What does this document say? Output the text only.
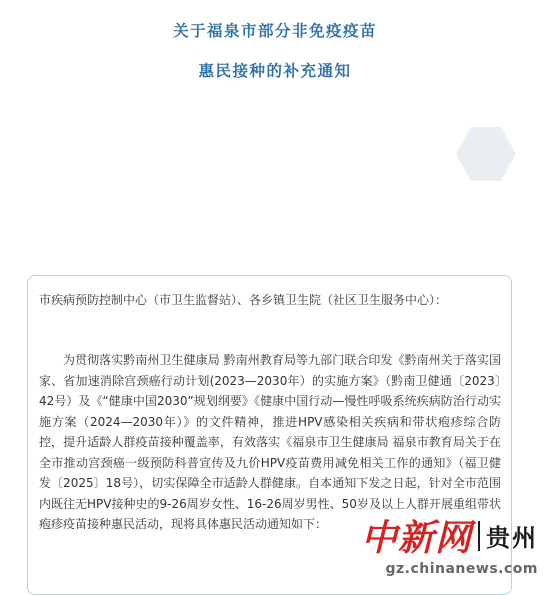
关于福泉市部分非免疫疫苗
惠民接种的补充通知
市疾病预防控制中心（市卫生监督站）、各乡镇卫生院（社区卫生服务中心）：
为贯彻落实黔南州卫生健康局 黔南州教育局等九部门联合印发《黔南州关于落实国家、省加速消除宫颈癌行动计划(2023—2030年）的实施方案》（黔南卫健通〔2023〕42号）及《“健康中国2030”规划纲要》《健康中国行动—慢性呼吸系统疾病防治行动实施方案（2024—2030年）》的文件精神，推进HPV感染相关疾病和带状疱疹综合防控，提升适龄人群疫苗接种覆盖率，有效落实《福泉市卫生健康局 福泉市教育局关于在全市推动宫颈癌一级预防科普宣传及九价HPV疫苗费用减免相关工作的通知》（福卫健发〔2025〕18号），切实保障全市适龄人群健康。自本通知下发之日起，针对全市范围内既往无HPV接种史的9-26周岁女性、16-26周岁男性、50岁及以上人群开展重组带状疱疹疫苗接种惠民活动，现将具体惠民活动通知如下： 中新网 贵州
gz.chinanews.com
